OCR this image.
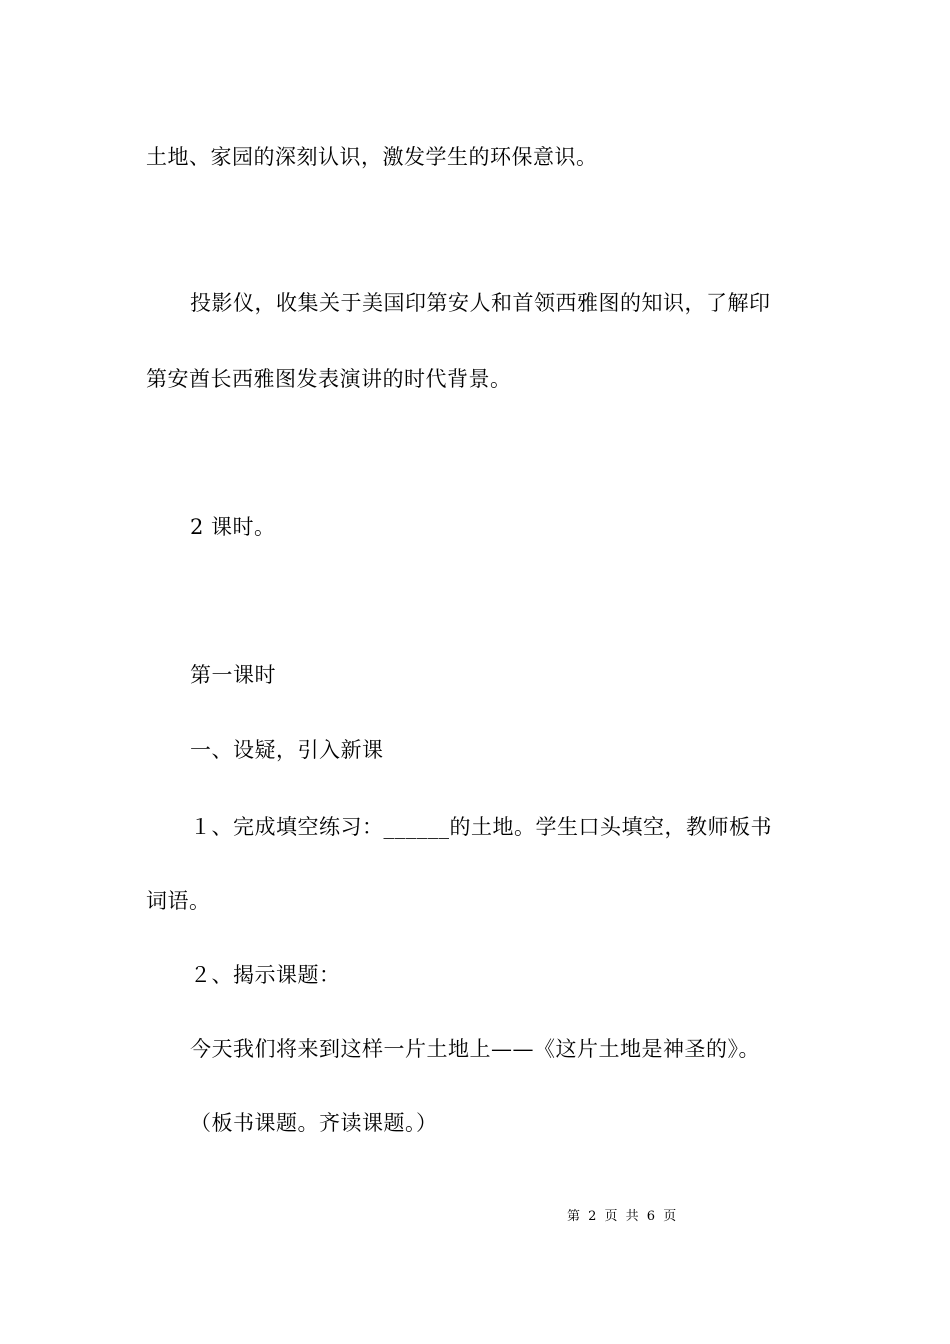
土地、家园的深刻认识，激发学生的环保意识。
投影仪，收集关于美国印第安人和首领西雅图的知识，了解印
第安酋长西雅图发表演讲的时代背景。
2 课时。
第一课时
一、设疑，引入新课
１、完成填空练习：______的土地。学生口头填空，教师板书
词语。
２、揭示课题：
今天我们将来到这样一片土地上——《这片土地是神圣的》。
（板书课题。齐读课题。）
第 2 页 共 6 页
